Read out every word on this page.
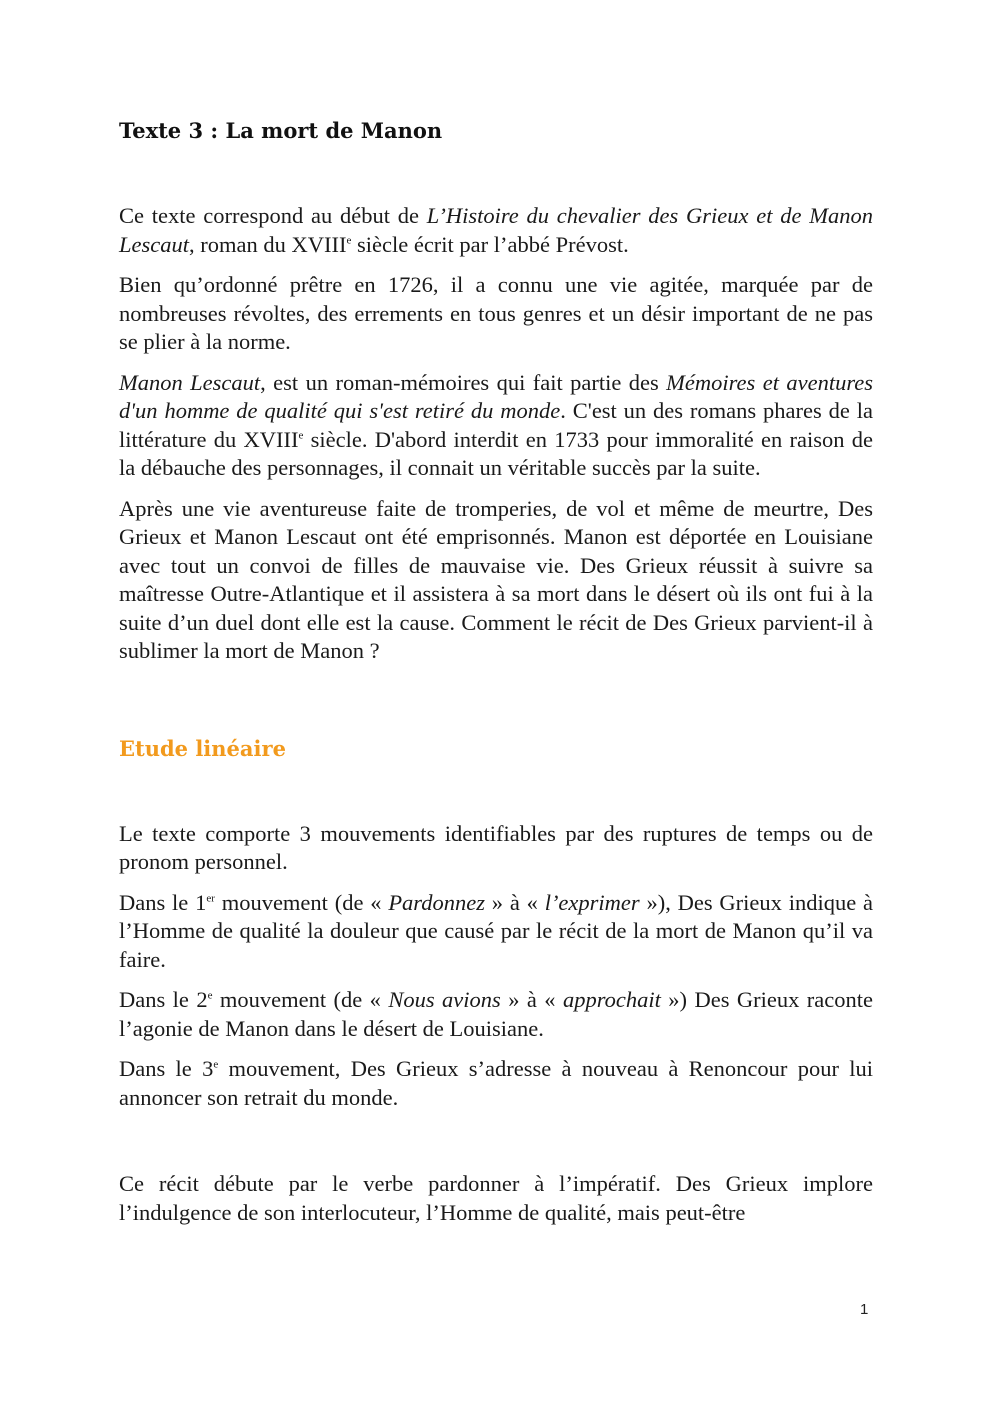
Texte 3 : La mort de Manon

Ce texte correspond au début de L’Histoire du chevalier des Grieux et de Manon Lescaut, roman du XVIIIe siècle écrit par l’abbé Prévost.

Bien qu’ordonné prêtre en 1726, il a connu une vie agitée, marquée par de nombreuses révoltes, des errements en tous genres et un désir important de ne pas se plier à la norme.

Manon Lescaut, est un roman-mémoires qui fait partie des Mémoires et aventures d'un homme de qualité qui s'est retiré du monde. C'est un des romans phares de la littérature du XVIIIe siècle. D'abord interdit en 1733 pour immoralité en raison de la débauche des personnages, il connait un véritable succès par la suite.

Après une vie aventureuse faite de tromperies, de vol et même de meurtre, Des Grieux et Manon Lescaut ont été emprisonnés. Manon est déportée en Louisiane avec tout un convoi de filles de mauvaise vie. Des Grieux réussit à suivre sa maîtresse Outre-Atlantique et il assistera à sa mort dans le désert où ils ont fui à la suite d’un duel dont elle est la cause. Comment le récit de Des Grieux parvient-il à sublimer la mort de Manon ?

Etude linéaire

Le texte comporte 3 mouvements identifiables par des ruptures de temps ou de pronom personnel.

Dans le 1er mouvement (de « Pardonnez » à « l’exprimer »), Des Grieux indique à l’Homme de qualité la douleur que causé par le récit de la mort de Manon qu’il va faire.

Dans le 2e mouvement (de « Nous avions » à « approchait ») Des Grieux raconte l’agonie de Manon dans le désert de Louisiane.

Dans le 3e mouvement, Des Grieux s’adresse à nouveau à Renoncour pour lui annoncer son retrait du monde.

Ce récit débute par le verbe pardonner à l’impératif. Des Grieux implore l’indulgence de son interlocuteur, l’Homme de qualité, mais peut-être

1
